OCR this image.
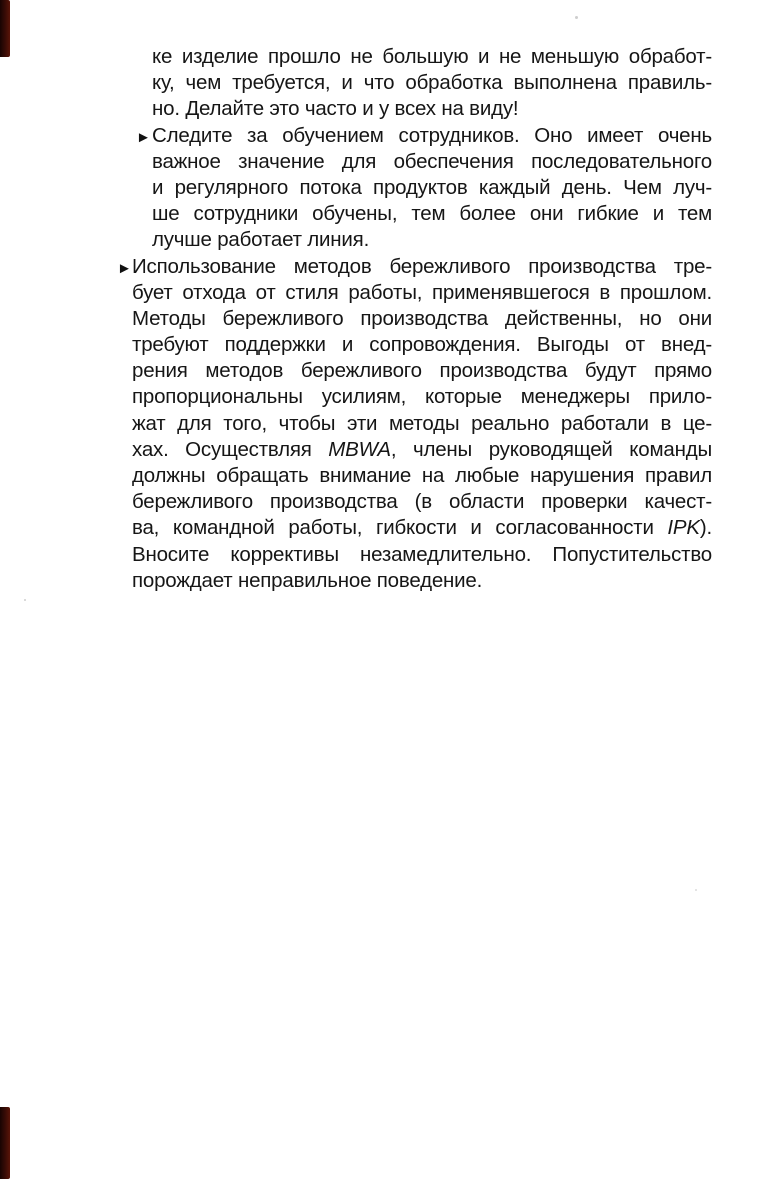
ке изделие прошло не большую и не меньшую обработ-
ку, чем требуется, и что обработка выполнена правиль-
но. Делайте это часто и у всех на виду!
► Следите за обучением сотрудников. Оно имеет очень
важное значение для обеспечения последовательного
и регулярного потока продуктов каждый день. Чем луч-
ше сотрудники обучены, тем более они гибкие и тем
лучше работает линия.
► Использование методов бережливого производства тре-
бует отхода от стиля работы, применявшегося в прошлом.
Методы бережливого производства действенны, но они
требуют поддержки и сопровождения. Выгоды от внед-
рения методов бережливого производства будут прямо
пропорциональны усилиям, которые менеджеры прило-
жат для того, чтобы эти методы реально работали в це-
хах. Осуществляя MBWA, члены руководящей команды
должны обращать внимание на любые нарушения правил
бережливого производства (в области проверки качест-
ва, командной работы, гибкости и согласованности IPK).
Вносите коррективы незамедлительно. Попустительство
порождает неправильное поведение.
